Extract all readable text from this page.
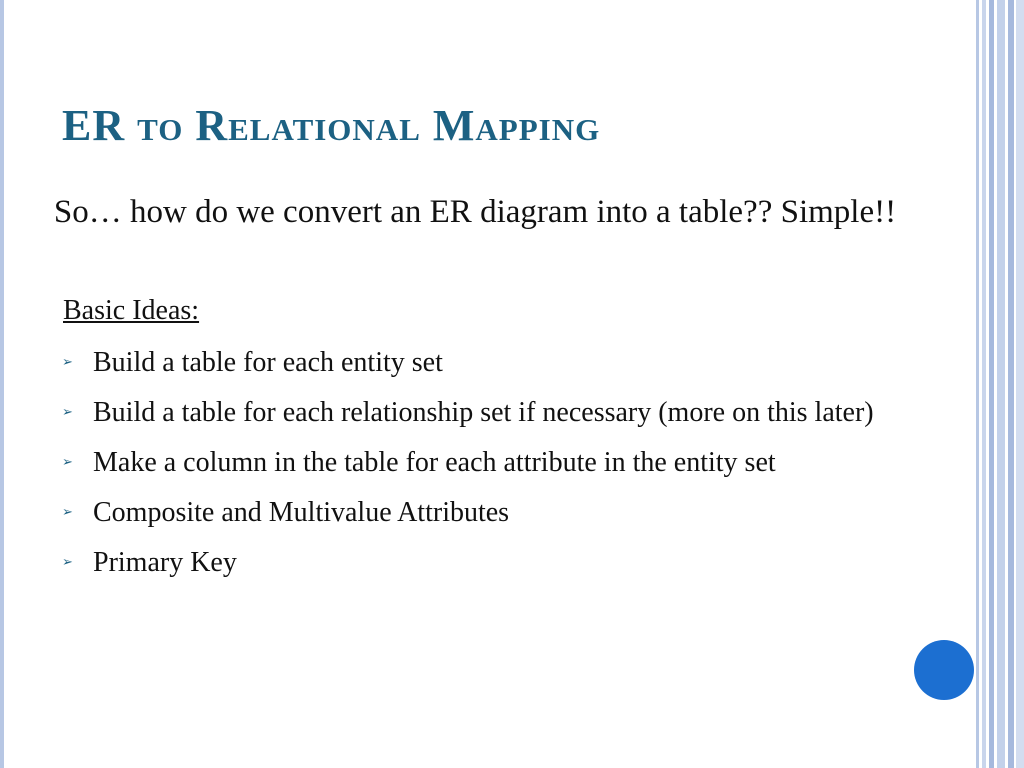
ER to Relational Mapping
So… how do we convert an ER diagram into a table?? Simple!!
Basic Ideas:
➢ Build a table for each entity set
➢ Build a table for each relationship set if necessary (more on this later)
➢ Make a column in the table for each attribute in the entity set
➢ Composite and Multivalue Attributes
➢ Primary Key
